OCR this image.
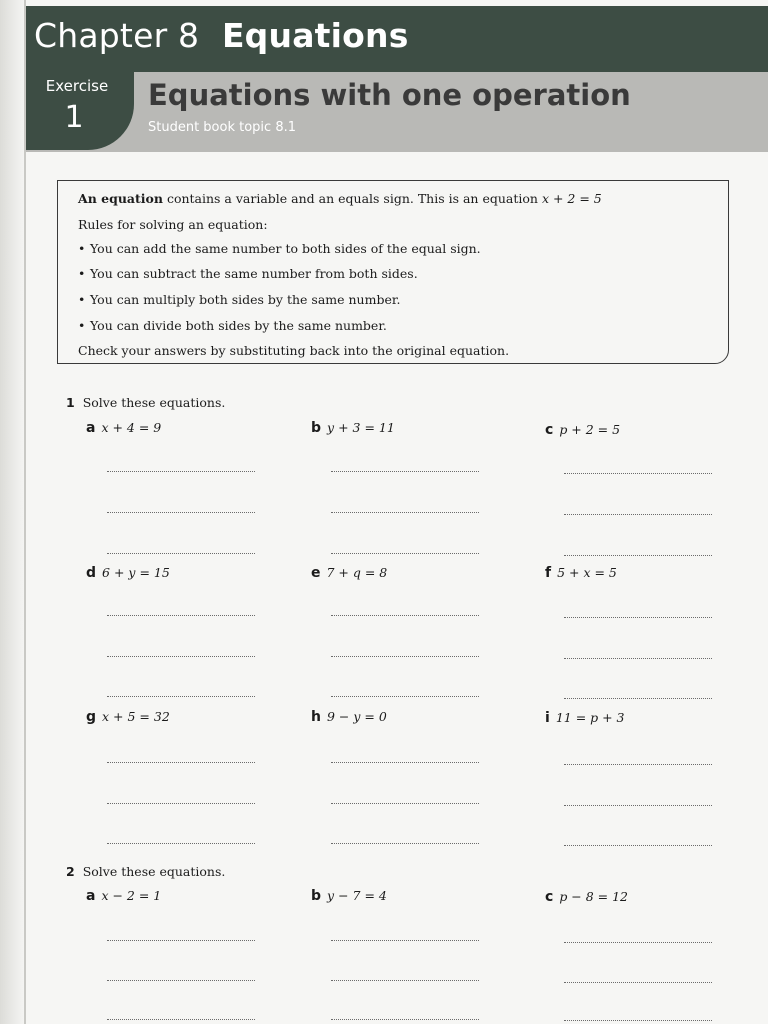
Chapter 8 Equations
Exercise
1
Equations with one operation
Student book topic 8.1
An equation contains a variable and an equals sign. This is an equation x + 2 = 5
Rules for solving an equation:
• You can add the same number to both sides of the equal sign.
• You can subtract the same number from both sides.
• You can multiply both sides by the same number.
• You can divide both sides by the same number.
Check your answers by substituting back into the original equation.
1 Solve these equations.
a x + 4 = 9	b y + 3 = 11	c p + 2 = 5
d 6 + y = 15	e 7 + q = 8	f 5 + x = 5
g x + 5 = 32	h 9 − y = 0	i 11 = p + 3
2 Solve these equations.
a x − 2 = 1	b y − 7 = 4	c p − 8 = 12
